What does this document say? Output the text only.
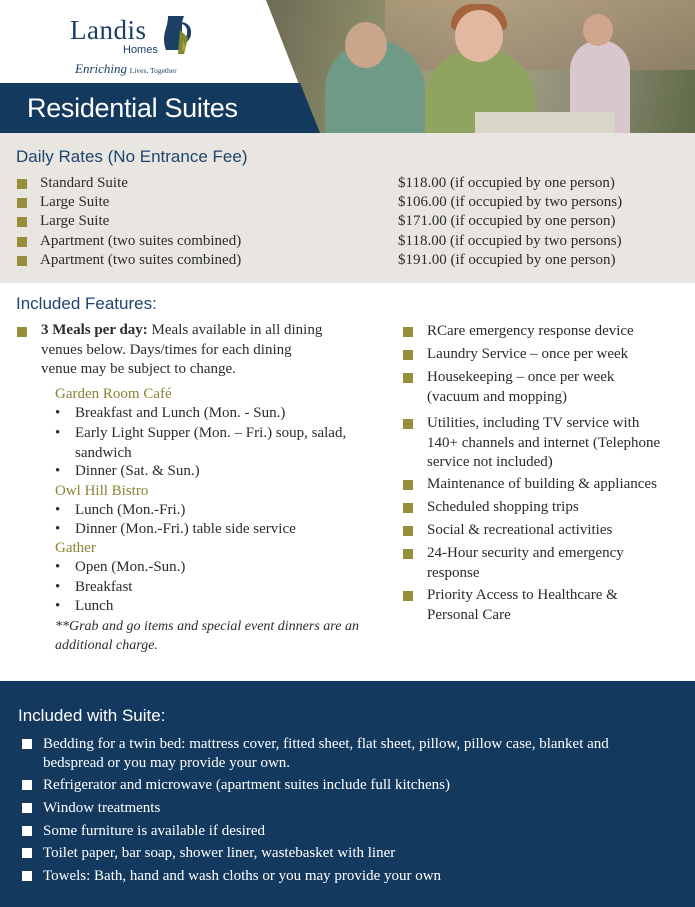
Residential Suites
Landis
Homes
Enriching Lives, Together
Daily Rates (No Entrance Fee)
Standard Suite	$118.00 (if occupied by one person)
Large Suite	$106.00 (if occupied by two persons)
Large Suite	$171.00 (if occupied by one person)
Apartment (two suites combined)	$118.00 (if occupied by two persons)
Apartment (two suites combined)	$191.00 (if occupied by one person)
Included Features:
3 Meals per day: Meals available in all dining venues below. Days/times for each dining venue may be subject to change.
Garden Room Café
• Breakfast and Lunch (Mon. - Sun.)
• Early Light Supper (Mon. – Fri.) soup, salad, sandwich
• Dinner (Sat. & Sun.)
Owl Hill Bistro
• Lunch (Mon.-Fri.)
• Dinner (Mon.-Fri.) table side service
Gather
• Open (Mon.-Sun.)
• Breakfast
• Lunch
**Grab and go items and special event dinners are an additional charge.
RCare emergency response device
Laundry Service – once per week
Housekeeping – once per week (vacuum and mopping)
Utilities, including TV service with 140+ channels and internet (Telephone service not included)
Maintenance of building & appliances
Scheduled shopping trips
Social & recreational activities
24-Hour security and emergency response
Priority Access to Healthcare & Personal Care
Included with Suite:
Bedding for a twin bed: mattress cover, fitted sheet, flat sheet, pillow, pillow case, blanket and bedspread or you may provide your own.
Refrigerator and microwave (apartment suites include full kitchens)
Window treatments
Some furniture is available if desired
Toilet paper, bar soap, shower liner, wastebasket with liner
Towels: Bath, hand and wash cloths or you may provide your own
